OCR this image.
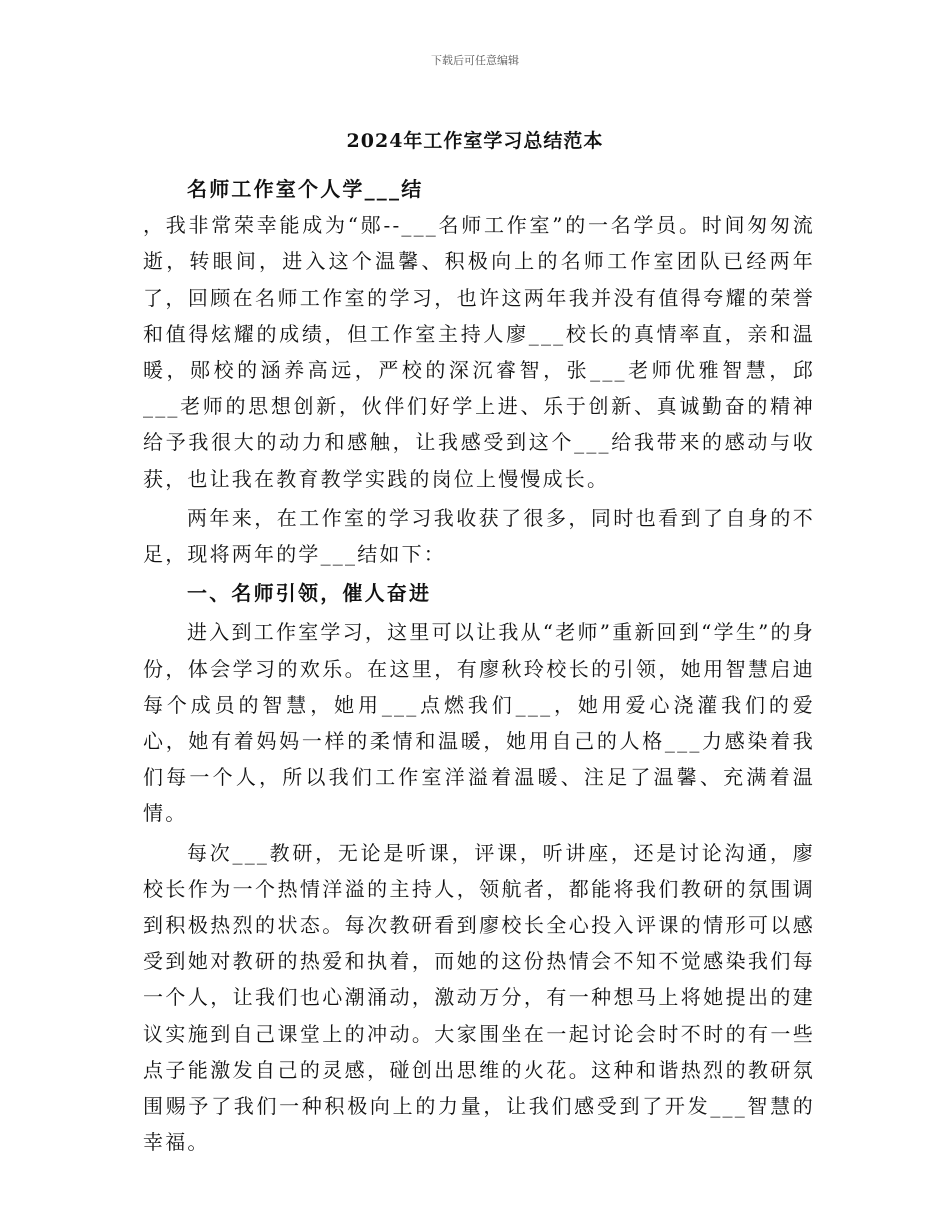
下载后可任意编辑
2024年工作室学习总结范本

名师工作室个人学___结

，我非常荣幸能成为“郧--___名师工作室”的一名学员。时间匆匆流逝，转眼间，进入这个温馨、积极向上的名师工作室团队已经两年了，回顾在名师工作室的学习，也许这两年我并没有值得夸耀的荣誉和值得炫耀的成绩，但工作室主持人廖___校长的真情率直，亲和温暖，郧校的涵养高远，严校的深沉睿智，张___老师优雅智慧，邱___老师的思想创新，伙伴们好学上进、乐于创新、真诚勤奋的精神给予我很大的动力和感触，让我感受到这个___给我带来的感动与收获，也让我在教育教学实践的岗位上慢慢成长。

两年来，在工作室的学习我收获了很多，同时也看到了自身的不足，现将两年的学___结如下：

一、名师引领，催人奋进

进入到工作室学习，这里可以让我从“老师”重新回到“学生”的身份，体会学习的欢乐。在这里，有廖秋玲校长的引领，她用智慧启迪每个成员的智慧，她用___点燃我们___，她用爱心浇灌我们的爱心，她有着妈妈一样的柔情和温暖，她用自己的人格___力感染着我们每一个人，所以我们工作室洋溢着温暖、注足了温馨、充满着温情。

每次___教研，无论是听课，评课，听讲座，还是讨论沟通，廖校长作为一个热情洋溢的主持人，领航者，都能将我们教研的氛围调到积极热烈的状态。每次教研看到廖校长全心投入评课的情形可以感受到她对教研的热爱和执着，而她的这份热情会不知不觉感染我们每一个人，让我们也心潮涌动，激动万分，有一种想马上将她提出的建议实施到自己课堂上的冲动。大家围坐在一起讨论会时不时的有一些点子能激发自己的灵感，碰创出思维的火花。这种和谐热烈的教研氛围赐予了我们一种积极向上的力量，让我们感受到了开发___智慧的幸福。
